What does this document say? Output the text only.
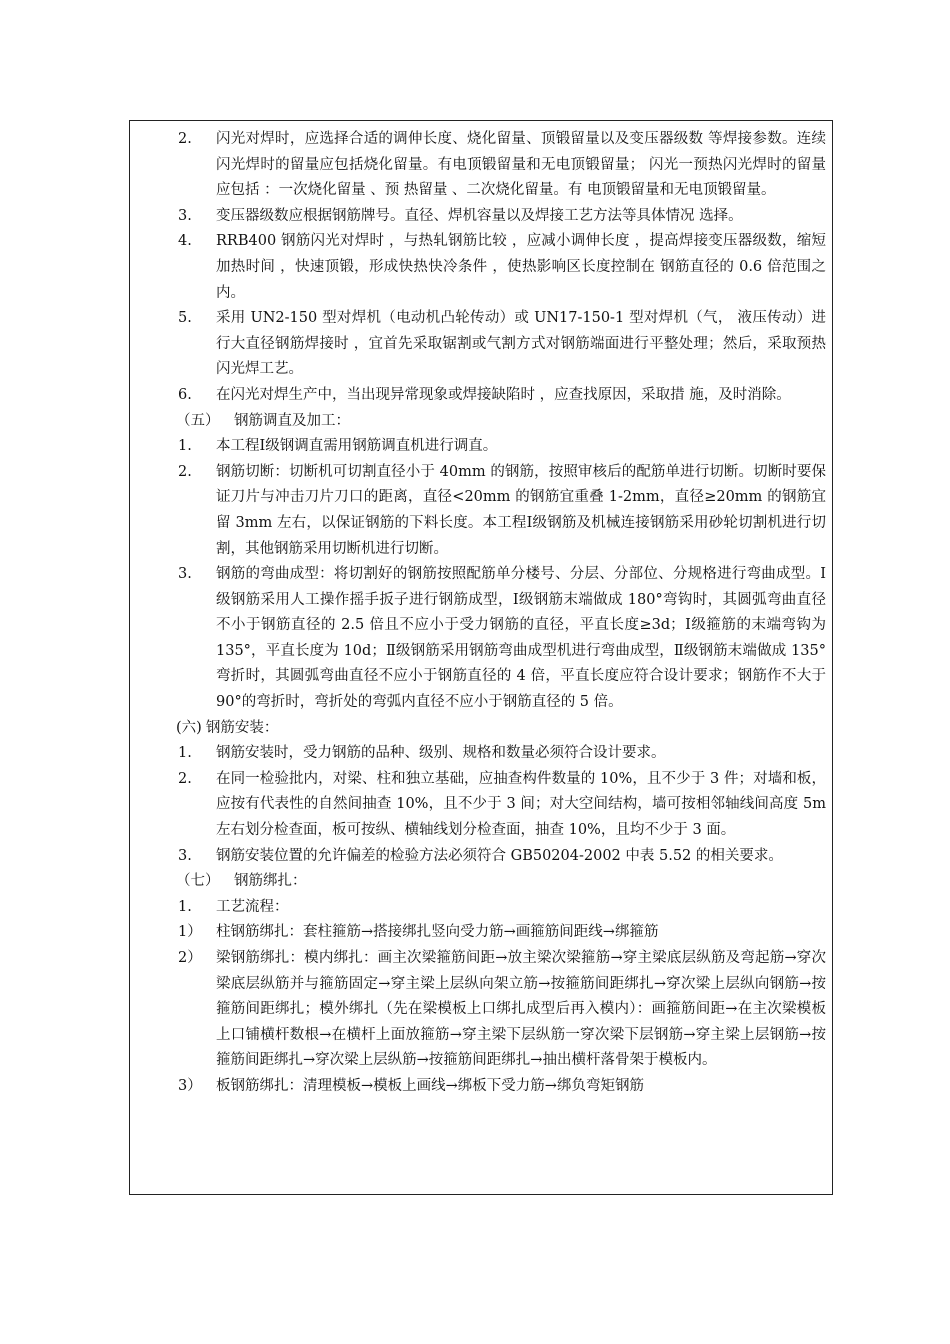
2. 闪光对焊时，应选择合适的调伸长度、烧化留量、顶锻留量以及变压器级数 等焊接参数。连续闪光焊时的留量应包括烧化留量。有电顶锻留量和无电顶锻留量； 闪光一预热闪光焊时的留量应包括 ：一次烧化留量 、预 热留量 、二次烧化留量。有 电顶锻留量和无电顶锻留量。
3. 变压器级数应根据钢筋牌号。直径、焊机容量以及焊接工艺方法等具体情况 选择。
4. RRB400 钢筋闪光对焊时 ，与热轧钢筋比较 ，应减小调伸长度 ，提高焊接变压器级数，缩短加热时间 ，快速顶锻，形成快热快冷条件 ，使热影响区长度控制在 钢筋直径的 0.6 倍范围之内。
5. 采用 UN2-150 型对焊机（电动机凸轮传动）或 UN17-150-1 型对焊机（气， 液压传动）进行大直径钢筋焊接时 ，宜首先采取锯割或气割方式对钢筋端面进行平整处理；然后，采取预热闪光焊工艺。
6. 在闪光对焊生产中，当出现异常现象或焊接缺陷时 ，应查找原因，采取措 施，及时消除。
（五） 钢筋调直及加工：
1. 本工程Ⅰ级钢调直需用钢筋调直机进行调直。
2. 钢筋切断：切断机可切割直径小于 40mm 的钢筋，按照审核后的配筋单进行切断。切断时要保证刀片与冲击刀片刀口的距离，直径<20mm 的钢筋宜重叠 1-2mm，直径≥20mm 的钢筋宜留 3mm 左右，以保证钢筋的下料长度。本工程Ⅰ级钢筋及机械连接钢筋采用砂轮切割机进行切割，其他钢筋采用切断机进行切断。
3. 钢筋的弯曲成型：将切割好的钢筋按照配筋单分楼号、分层、分部位、分规格进行弯曲成型。Ⅰ级钢筋采用人工操作摇手扳子进行钢筋成型，Ⅰ级钢筋末端做成 180°弯钩时，其圆弧弯曲直径不小于钢筋直径的 2.5 倍且不应小于受力钢筋的直径，平直长度≥3d；Ⅰ级箍筋的末端弯钩为 135°，平直长度为 10d；Ⅱ级钢筋采用钢筋弯曲成型机进行弯曲成型，Ⅱ级钢筋末端做成 135°弯折时，其圆弧弯曲直径不应小于钢筋直径的 4 倍，平直长度应符合设计要求；钢筋作不大于 90°的弯折时，弯折处的弯弧内直径不应小于钢筋直径的 5 倍。
(六) 钢筋安装：
1. 钢筋安装时，受力钢筋的品种、级别、规格和数量必须符合设计要求。
2. 在同一检验批内，对梁、柱和独立基础，应抽查构件数量的 10%，且不少于 3 件；对墙和板，应按有代表性的自然间抽查 10%，且不少于 3 间；对大空间结构，墙可按相邻轴线间高度 5m 左右划分检查面，板可按纵、横轴线划分检查面，抽查 10%，且均不少于 3 面。
3. 钢筋安装位置的允许偏差的检验方法必须符合 GB50204-2002 中表 5.52 的相关要求。
（七） 钢筋绑扎：
1. 工艺流程：
1） 柱钢筋绑扎：套柱箍筋→搭接绑扎竖向受力筋→画箍筋间距线→绑箍筋
2） 梁钢筋绑扎：模内绑扎：画主次梁箍筋间距→放主梁次梁箍筋→穿主梁底层纵筋及弯起筋→穿次梁底层纵筋并与箍筋固定→穿主梁上层纵向架立筋→按箍筋间距绑扎→穿次梁上层纵向钢筋→按箍筋间距绑扎；模外绑扎（先在梁模板上口绑扎成型后再入模内）：画箍筋间距→在主次梁模板上口铺横杆数根→在横杆上面放箍筋→穿主梁下层纵筋一穿次梁下层钢筋→穿主梁上层钢筋→按箍筋间距绑扎→穿次梁上层纵筋→按箍筋间距绑扎→抽出横杆落骨架于模板内。
3） 板钢筋绑扎：清理模板→模板上画线→绑板下受力筋→绑负弯矩钢筋
